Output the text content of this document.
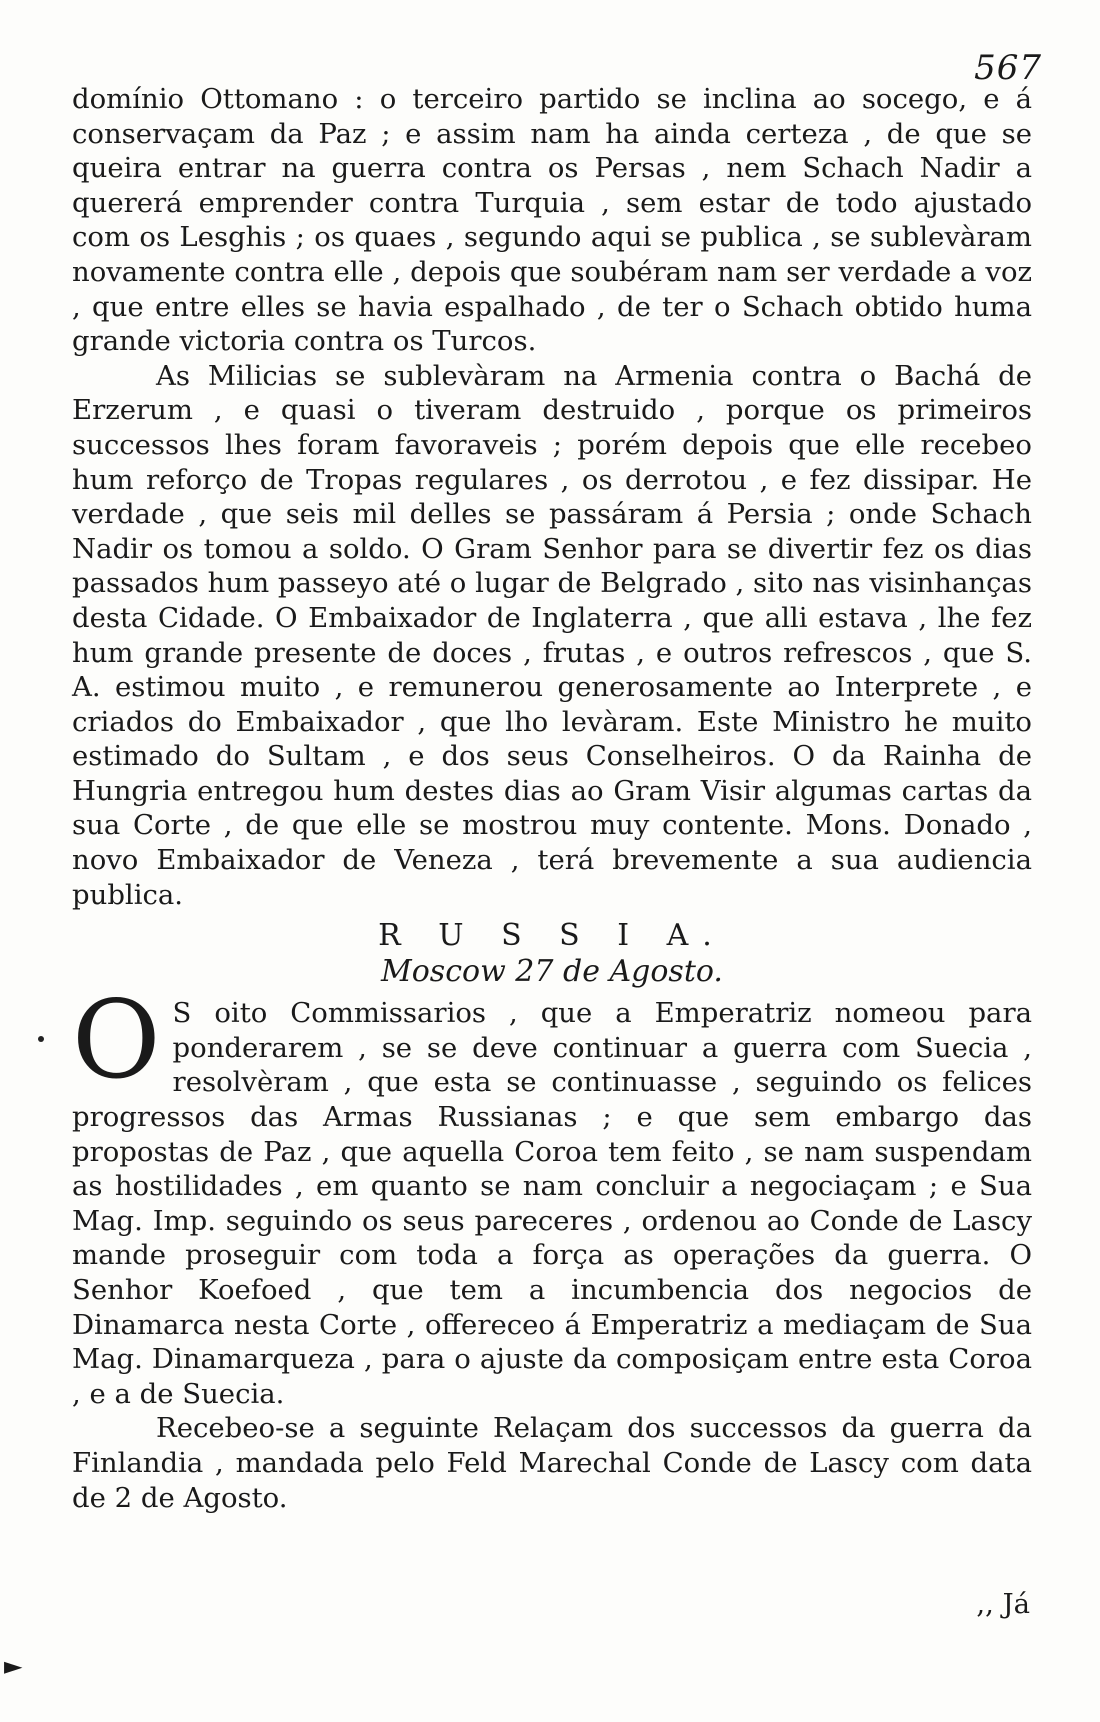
567

domínio Ottomano : o terceiro partido se inclina ao socego, e á conservaçam da Paz ; e assim nam ha ainda certeza , de que se queira entrar na guerra contra os Persas , nem Schach Nadir a quererá emprender contra Turquia , sem estar de todo ajustado com os Lesghis ; os quaes , segundo aqui se publica , se sublevàram novamente contra elle , depois que soubéram nam ser verdade a voz , que entre elles se havia espalhado , de ter o Schach obtido huma grande victoria contra os Turcos.

As Milicias se sublevàram na Armenia contra o Bachá de Erzerum , e quasi o tiveram destruido , porque os primeiros successos lhes foram favoraveis ; porém depois que elle recebeo hum reforço de Tropas regulares , os derrotou , e fez dissipar. He verdade , que seis mil delles se passáram á Persia ; onde Schach Nadir os tomou a soldo. O Gram Senhor para se divertir fez os dias passados hum passeyo até o lugar de Belgrado , sito nas visinhanças desta Cidade. O Embaixador de Inglaterra , que alli estava , lhe fez hum grande presente de doces , frutas , e outros refrescos , que S. A. estimou muito , e remunerou generosamente ao Interprete , e criados do Embaixador , que lho levàram. Este Ministro he muito estimado do Sultam , e dos seus Conselheiros. O da Rainha de Hungria entregou hum destes dias ao Gram Visir algumas cartas da sua Corte , de que elle se mostrou muy contente. Mons. Donado , novo Embaixador de Veneza , terá brevemente a sua audiencia publica.

R U S S I A.
Moscow 27 de Agosto.

O S oito Commissarios , que a Emperatriz nomeou para ponderarem , se se deve continuar a guerra com Suecia , resolvèram , que esta se continuasse , seguindo os felices progressos das Armas Russianas ; e que sem embargo das propostas de Paz , que aquella Coroa tem feito , se nam suspendam as hostilidades , em quanto se nam concluir a negociaçam ; e Sua Mag. Imp. seguindo os seus pareceres , ordenou ao Conde de Lascy mande proseguir com toda a força as operações da guerra. O Senhor Koefoed , que tem a incumbencia dos negocios de Dinamarca nesta Corte , offereceo á Emperatriz a mediaçam de Sua Mag. Dinamarqueza , para o ajuste da composiçam entre esta Coroa , e a de Suecia.

Recebeo-se a seguinte Relaçam dos successos da guerra da Finlandia , mandada pelo Feld Marechal Conde de Lascy com data de 2 de Agosto.

,, Já
►
